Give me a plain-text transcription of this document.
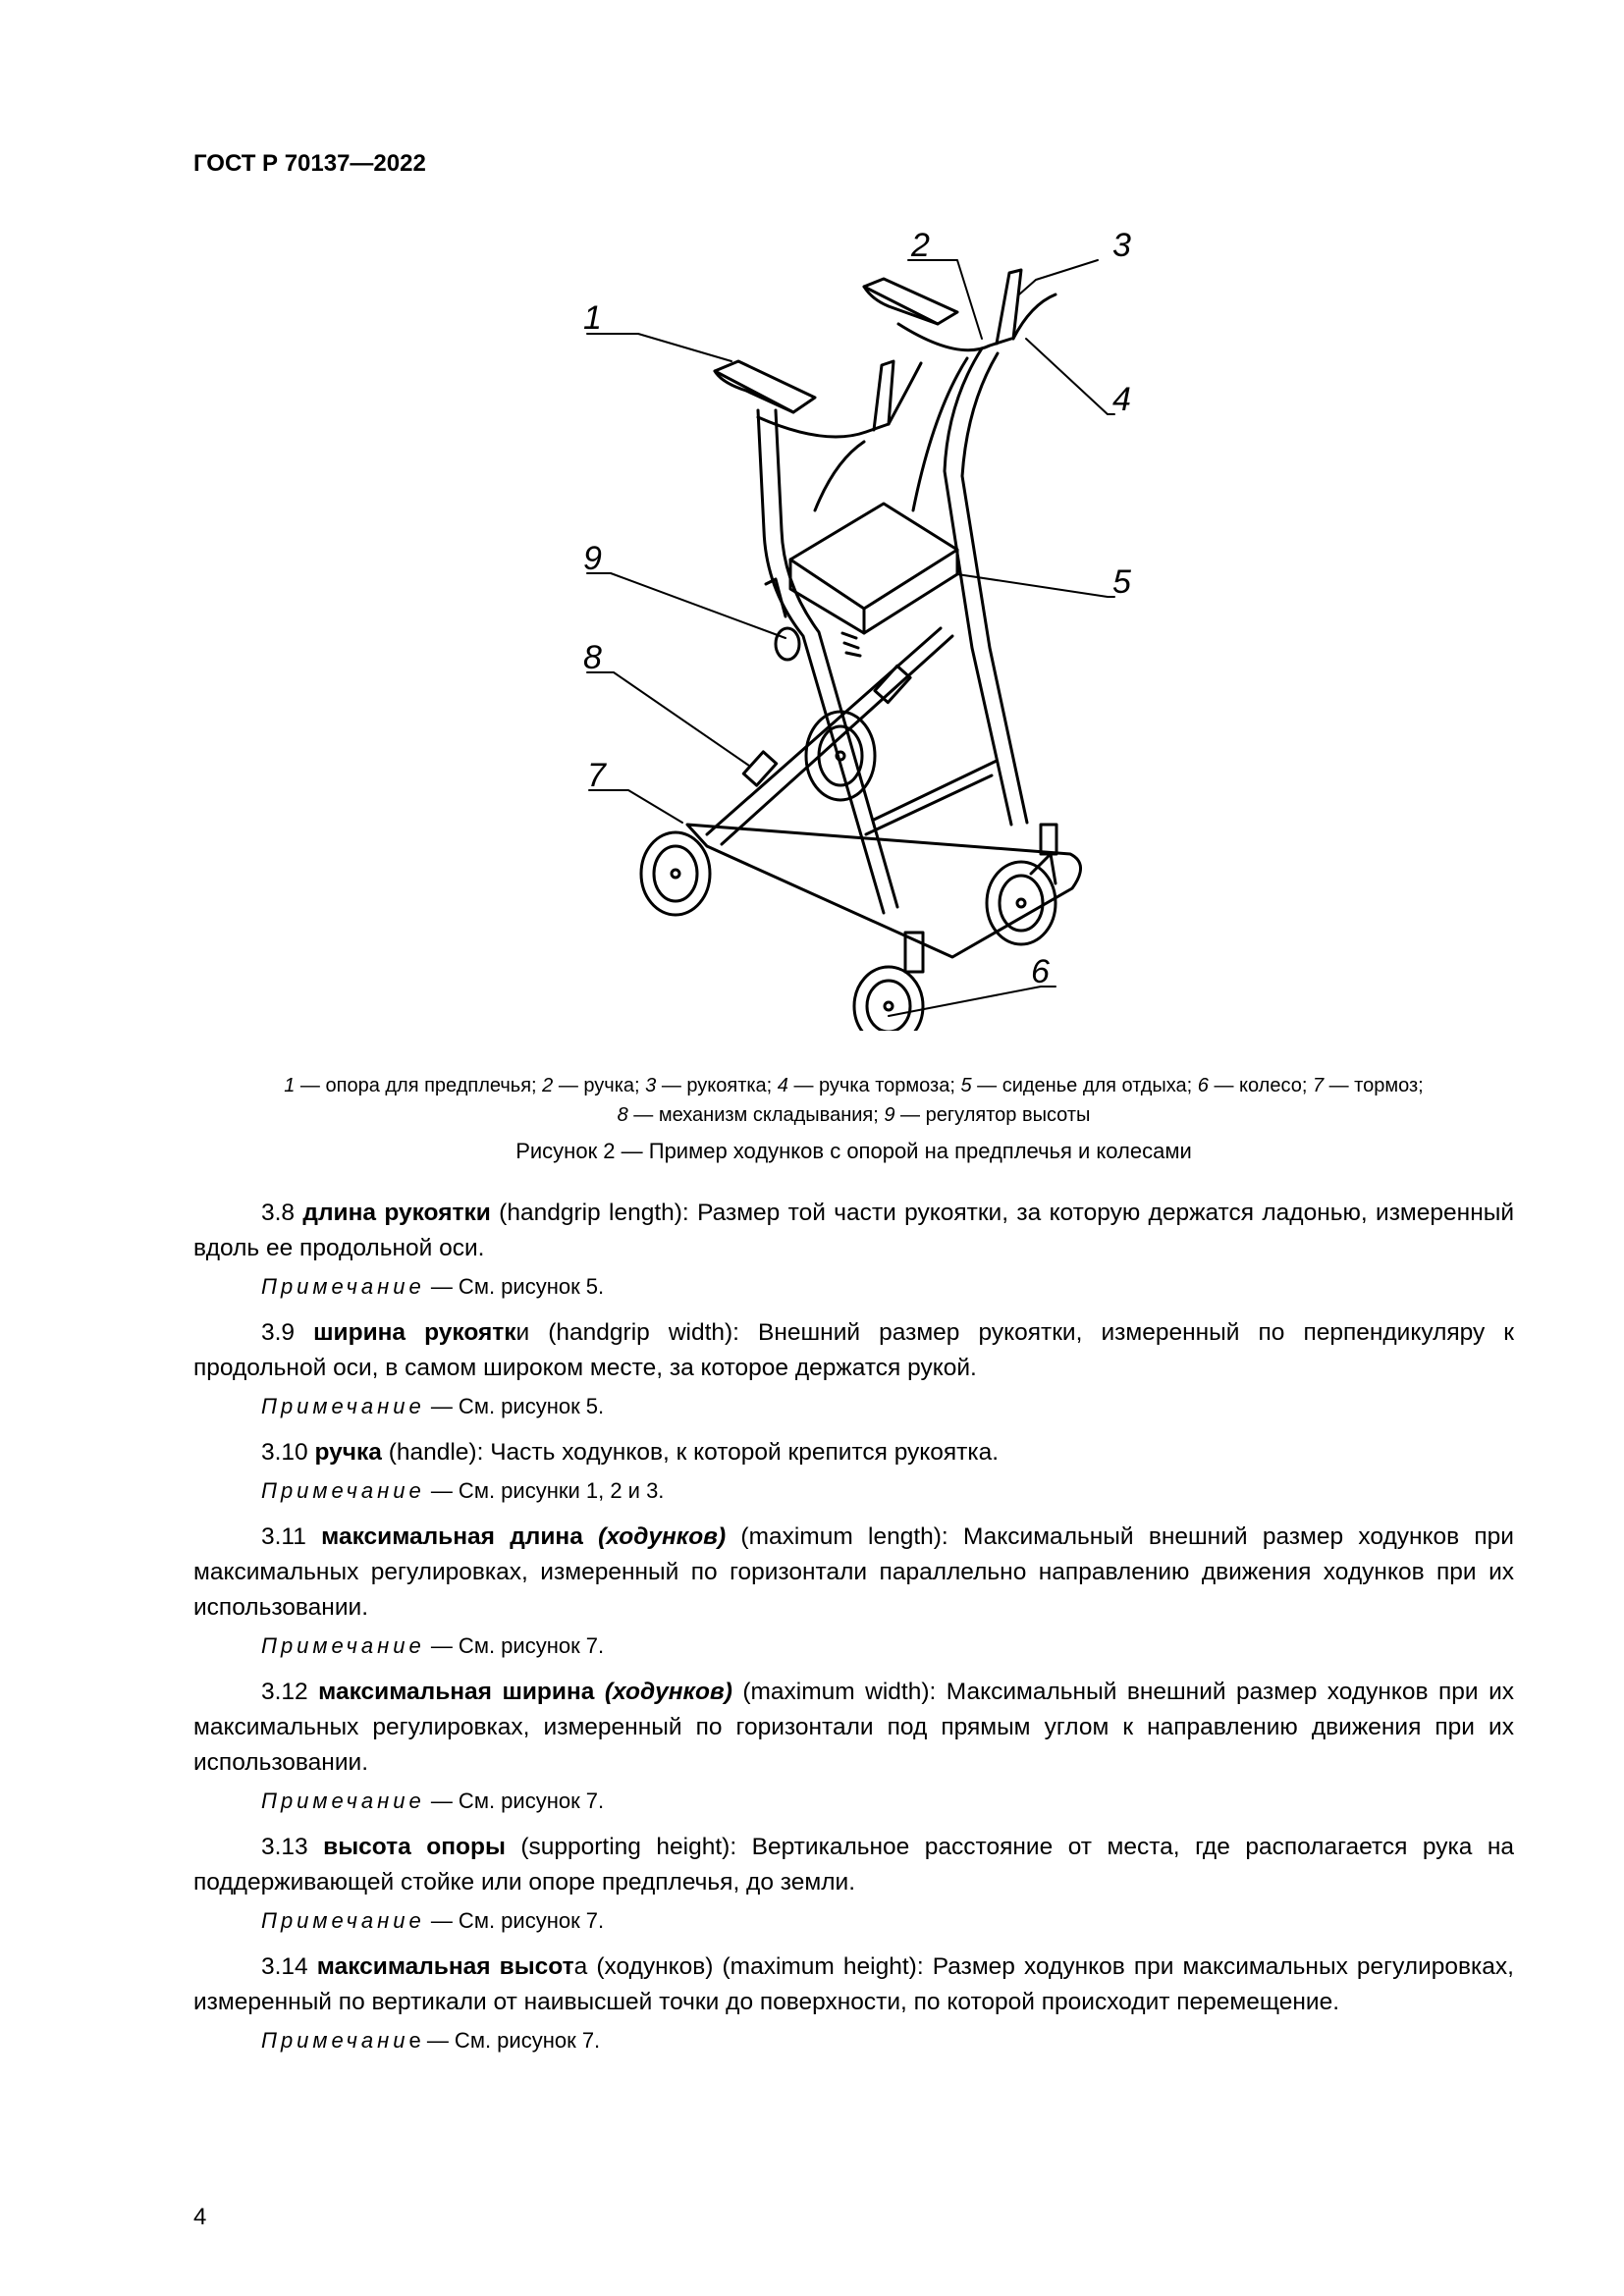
ГОСТ Р 70137—2022
1
2	3
4
5
6
7
8
9
1 — опора для предплечья; 2 — ручка; 3 — рукоятка; 4 — ручка тормоза; 5 — сиденье для отдыха; 6 — колесо; 7 — тормоз;
8 — механизм складывания; 9 — регулятор высоты
Рисунок 2 — Пример ходунков с опорой на предплечья и колесами

3.8 длина рукоятки (handgrip length): Размер той части рукоятки, за которую держатся ладонью, измеренный вдоль ее продольной оси.

Примечание — См. рисунок 5.

3.9 ширина рукоятки (handgrip width): Внешний размер рукоятки, измеренный по перпендикуляру к продольной оси, в самом широком месте, за которое держатся рукой.

Примечание — См. рисунок 5.

3.10 ручка (handle): Часть ходунков, к которой крепится рукоятка.

Примечание — См. рисунки 1, 2 и 3.

3.11 максимальная длина (ходунков) (maximum length): Максимальный внешний размер ходунков при максимальных регулировках, измеренный по горизонтали параллельно направлению движения ходунков при их использовании.

Примечание — См. рисунок 7.

3.12 максимальная ширина (ходунков) (maximum width): Максимальный внешний размер ходунков при их максимальных регулировках, измеренный по горизонтали под прямым углом к направлению движения при их использовании.

Примечание — См. рисунок 7.

3.13 высота опоры (supporting height): Вертикальное расстояние от места, где располагается рука на поддерживающей стойке или опоре предплечья, до земли.

Примечание — См. рисунок 7.

3.14 максимальная высота (ходунков) (maximum height): Размер ходунков при максимальных регулировках, измеренный по вертикали от наивысшей точки до поверхности, по которой происходит перемещение.

Примечание — См. рисунок 7.

4
